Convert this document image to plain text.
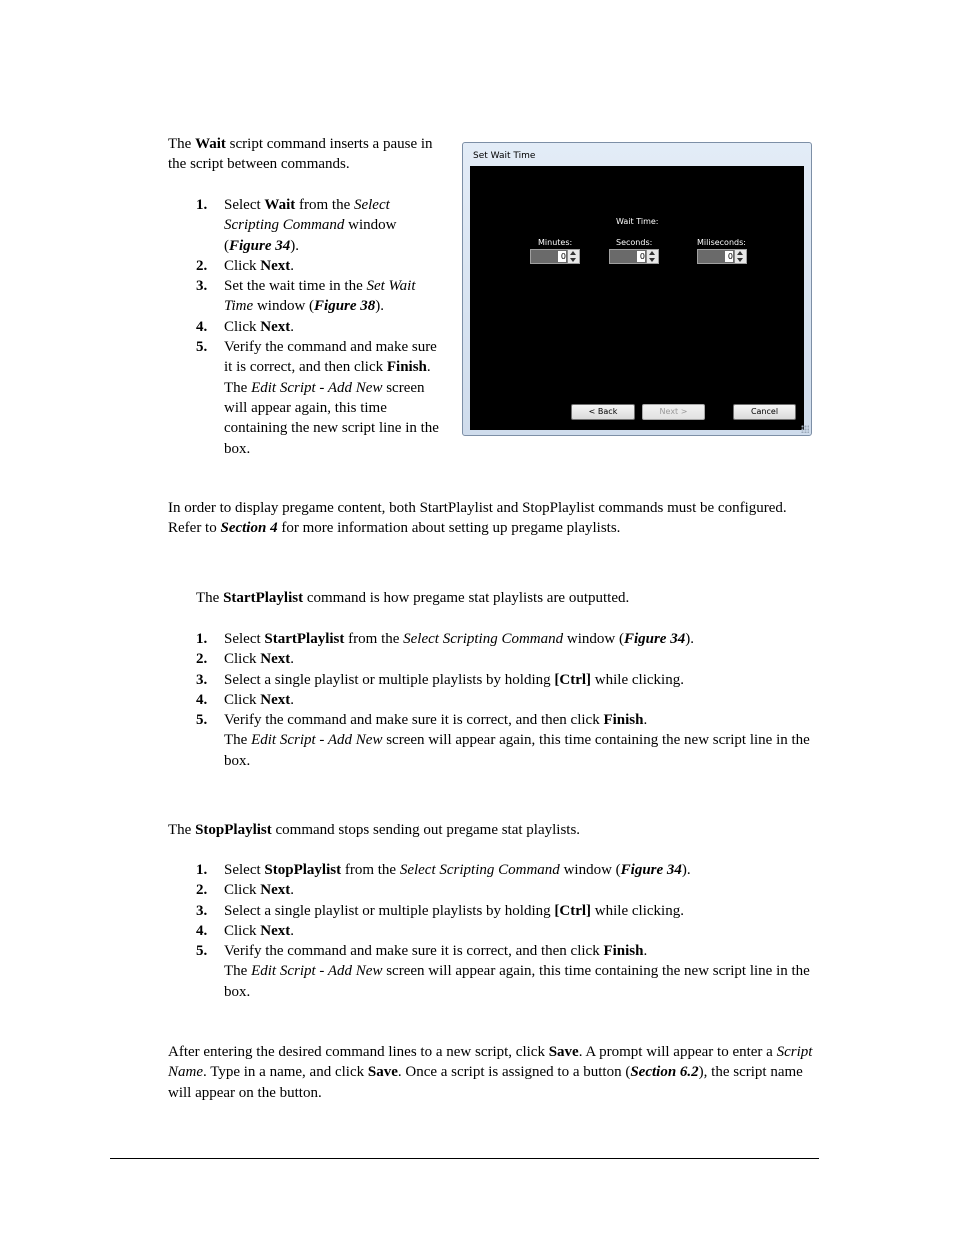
The Wait script command inserts a pause in the script between commands.

1. Select Wait from the Select Scripting Command window (Figure 34).
2. Click Next.
3. Set the wait time in the Set Wait Time window (Figure 38).
4. Click Next.
5. Verify the command and make sure it is correct, and then click Finish. The Edit Script - Add New screen will appear again, this time containing the new script line in the box.
Set Wait Time
Wait Time:
Minutes:
0
Seconds:
0
Miliseconds:
0
< Back	Next >	Cancel

In order to display pregame content, both StartPlaylist and StopPlaylist commands must be configured. Refer to Section 4 for more information about setting up pregame playlists.

The StartPlaylist command is how pregame stat playlists are outputted.

1. Select StartPlaylist from the Select Scripting Command window (Figure 34).
2. Click Next.
3. Select a single playlist or multiple playlists by holding [Ctrl] while clicking.
4. Click Next.
5. Verify the command and make sure it is correct, and then click Finish.
The Edit Script - Add New screen will appear again, this time containing the new script line in the box.

The StopPlaylist command stops sending out pregame stat playlists.

1. Select StopPlaylist from the Select Scripting Command window (Figure 34).
2. Click Next.
3. Select a single playlist or multiple playlists by holding [Ctrl] while clicking.
4. Click Next.
5. Verify the command and make sure it is correct, and then click Finish.
The Edit Script - Add New screen will appear again, this time containing the new script line in the box.

After entering the desired command lines to a new script, click Save. A prompt will appear to enter a Script Name. Type in a name, and click Save. Once a script is assigned to a button (Section 6.2), the script name will appear on the button.
